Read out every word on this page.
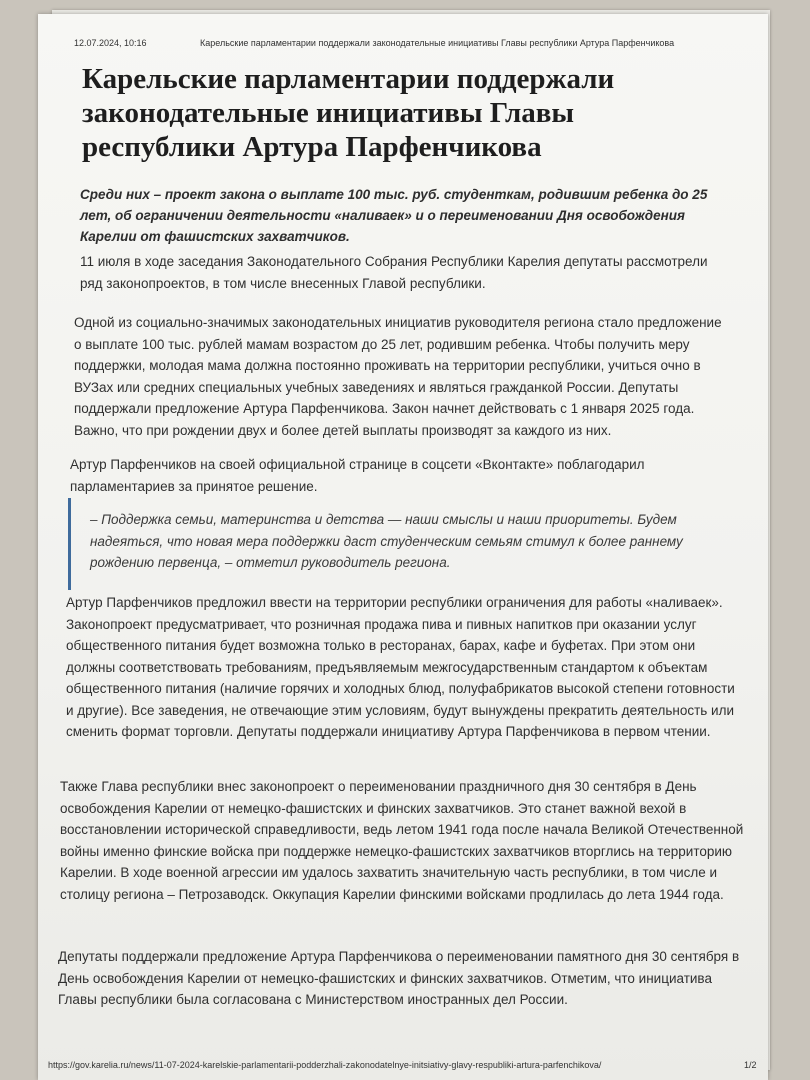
12.07.2024, 10:16	Карельские парламентарии поддержали законодательные инициативы Главы республики Артура Парфенчикова
Карельские парламентарии поддержали законодательные инициативы Главы республики Артура Парфенчикова

Среди них – проект закона о выплате 100 тыс. руб. студенткам, родившим ребенка до 25 лет, об ограничении деятельности «наливаек» и о переименовании Дня освобождения Карелии от фашистских захватчиков.

11 июля в ходе заседания Законодательного Собрания Республики Карелия депутаты рассмотрели ряд законопроектов, в том числе внесенных Главой республики.

Одной из социально-значимых законодательных инициатив руководителя региона стало предложение о выплате 100 тыс. рублей мамам возрастом до 25 лет, родившим ребенка. Чтобы получить меру поддержки, молодая мама должна постоянно проживать на территории республики, учиться очно в ВУЗах или средних специальных учебных заведениях и являться гражданкой России. Депутаты поддержали предложение Артура Парфенчикова. Закон начнет действовать с 1 января 2025 года. Важно, что при рождении двух и более детей выплаты производят за каждого из них.

Артур Парфенчиков на своей официальной странице в соцсети «Вконтакте» поблагодарил парламентариев за принятое решение.

– Поддержка семьи, материнства и детства — наши смыслы и наши приоритеты. Будем надеяться, что новая мера поддержки даст студенческим семьям стимул к более раннему рождению первенца, – отметил руководитель региона.

Артур Парфенчиков предложил ввести на территории республики ограничения для работы «наливаек». Законопроект предусматривает, что розничная продажа пива и пивных напитков при оказании услуг общественного питания будет возможна только в ресторанах, барах, кафе и буфетах. При этом они должны соответствовать требованиям, предъявляемым межгосударственным стандартом к объектам общественного питания (наличие горячих и холодных блюд, полуфабрикатов высокой степени готовности и другие). Все заведения, не отвечающие этим условиям, будут вынуждены прекратить деятельность или сменить формат торговли. Депутаты поддержали инициативу Артура Парфенчикова в первом чтении.

Также Глава республики внес законопроект о переименовании праздничного дня 30 сентября в День освобождения Карелии от немецко-фашистских и финских захватчиков. Это станет важной вехой в восстановлении исторической справедливости, ведь летом 1941 года после начала Великой Отечественной войны именно финские войска при поддержке немецко-фашистских захватчиков вторглись на территорию Карелии. В ходе военной агрессии им удалось захватить значительную часть республики, в том числе и столицу региона – Петрозаводск. Оккупация Карелии финскими войсками продлилась до лета 1944 года.

Депутаты поддержали предложение Артура Парфенчикова о переименовании памятного дня 30 сентября в День освобождения Карелии от немецко-фашистских и финских захватчиков. Отметим, что инициатива Главы республики была согласована с Министерством иностранных дел России.

https://gov.karelia.ru/news/11-07-2024-karelskie-parlamentarii-podderzhali-zakonodatelnye-initsiativy-glavy-respubliki-artura-parfenchikova/	1/2
